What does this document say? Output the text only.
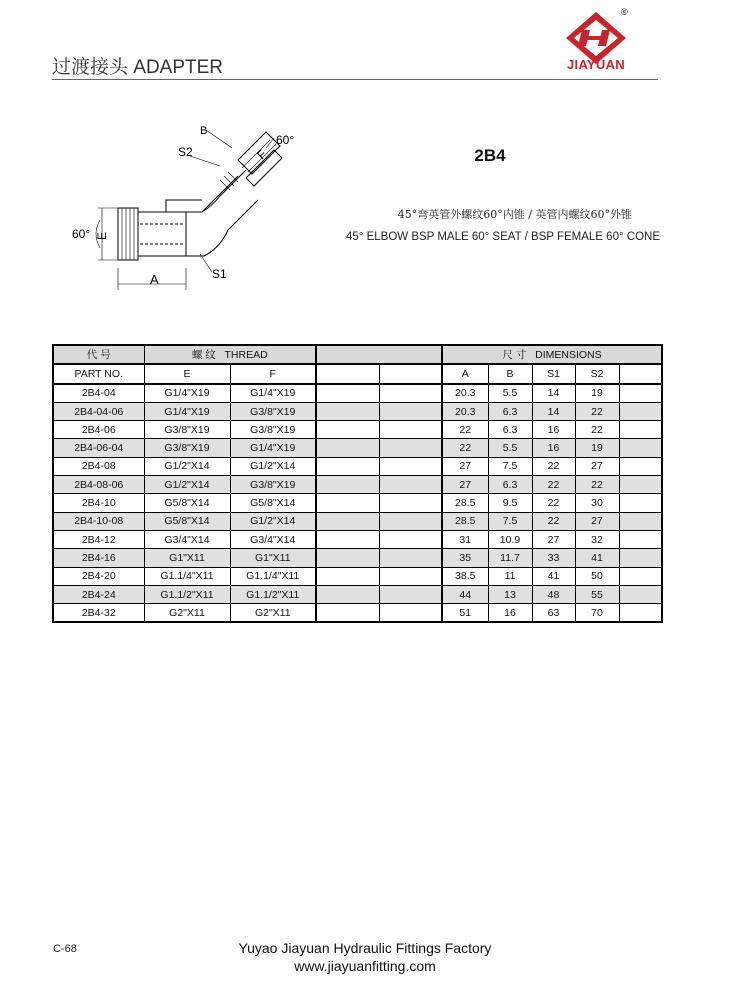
过渡接头 ADAPTER
®
JIAYUAN
B
S2	F
60°
60° E
A	S1
2B4
45°弯英管外螺纹60°内锥 / 英管内螺纹60°外锥
45° ELBOW BSP MALE 60° SEAT / BSP FEMALE 60° CONE
代 号	螺 纹 THREAD				尺 寸 DIMENSIONS				
PART NO.	E	F			A	B	S1	S2	
2B4-04	G1/4"X19	G1/4"X19			20.3	5.5	14	19	
2B4-04-06	G1/4"X19	G3/8"X19			20.3	6.3	14	22	
2B4-06	G3/8"X19	G3/8"X19			22	6.3	16	22	
2B4-06-04	G3/8"X19	G1/4"X19			22	5.5	16	19	
2B4-08	G1/2"X14	G1/2"X14			27	7.5	22	27	
2B4-08-06	G1/2"X14	G3/8"X19			27	6.3	22	22	
2B4-10	G5/8"X14	G5/8"X14			28.5	9.5	22	30	
2B4-10-08	G5/8"X14	G1/2"X14			28.5	7.5	22	27	
2B4-12	G3/4"X14	G3/4"X14			31	10.9	27	32	
2B4-16	G1"X11	G1"X11			35	11.7	33	41	
2B4-20	G1.1/4"X11	G1.1/4"X11			38.5	11	41	50	
2B4-24	G1.1/2"X11	G1.1/2"X11			44	13	48	55	
2B4-32	G2"X11	G2"X11			51	16	63	70	
C-68	Yuyao Jiayuan Hydraulic Fittings Factory
www.jiayuanfitting.com
